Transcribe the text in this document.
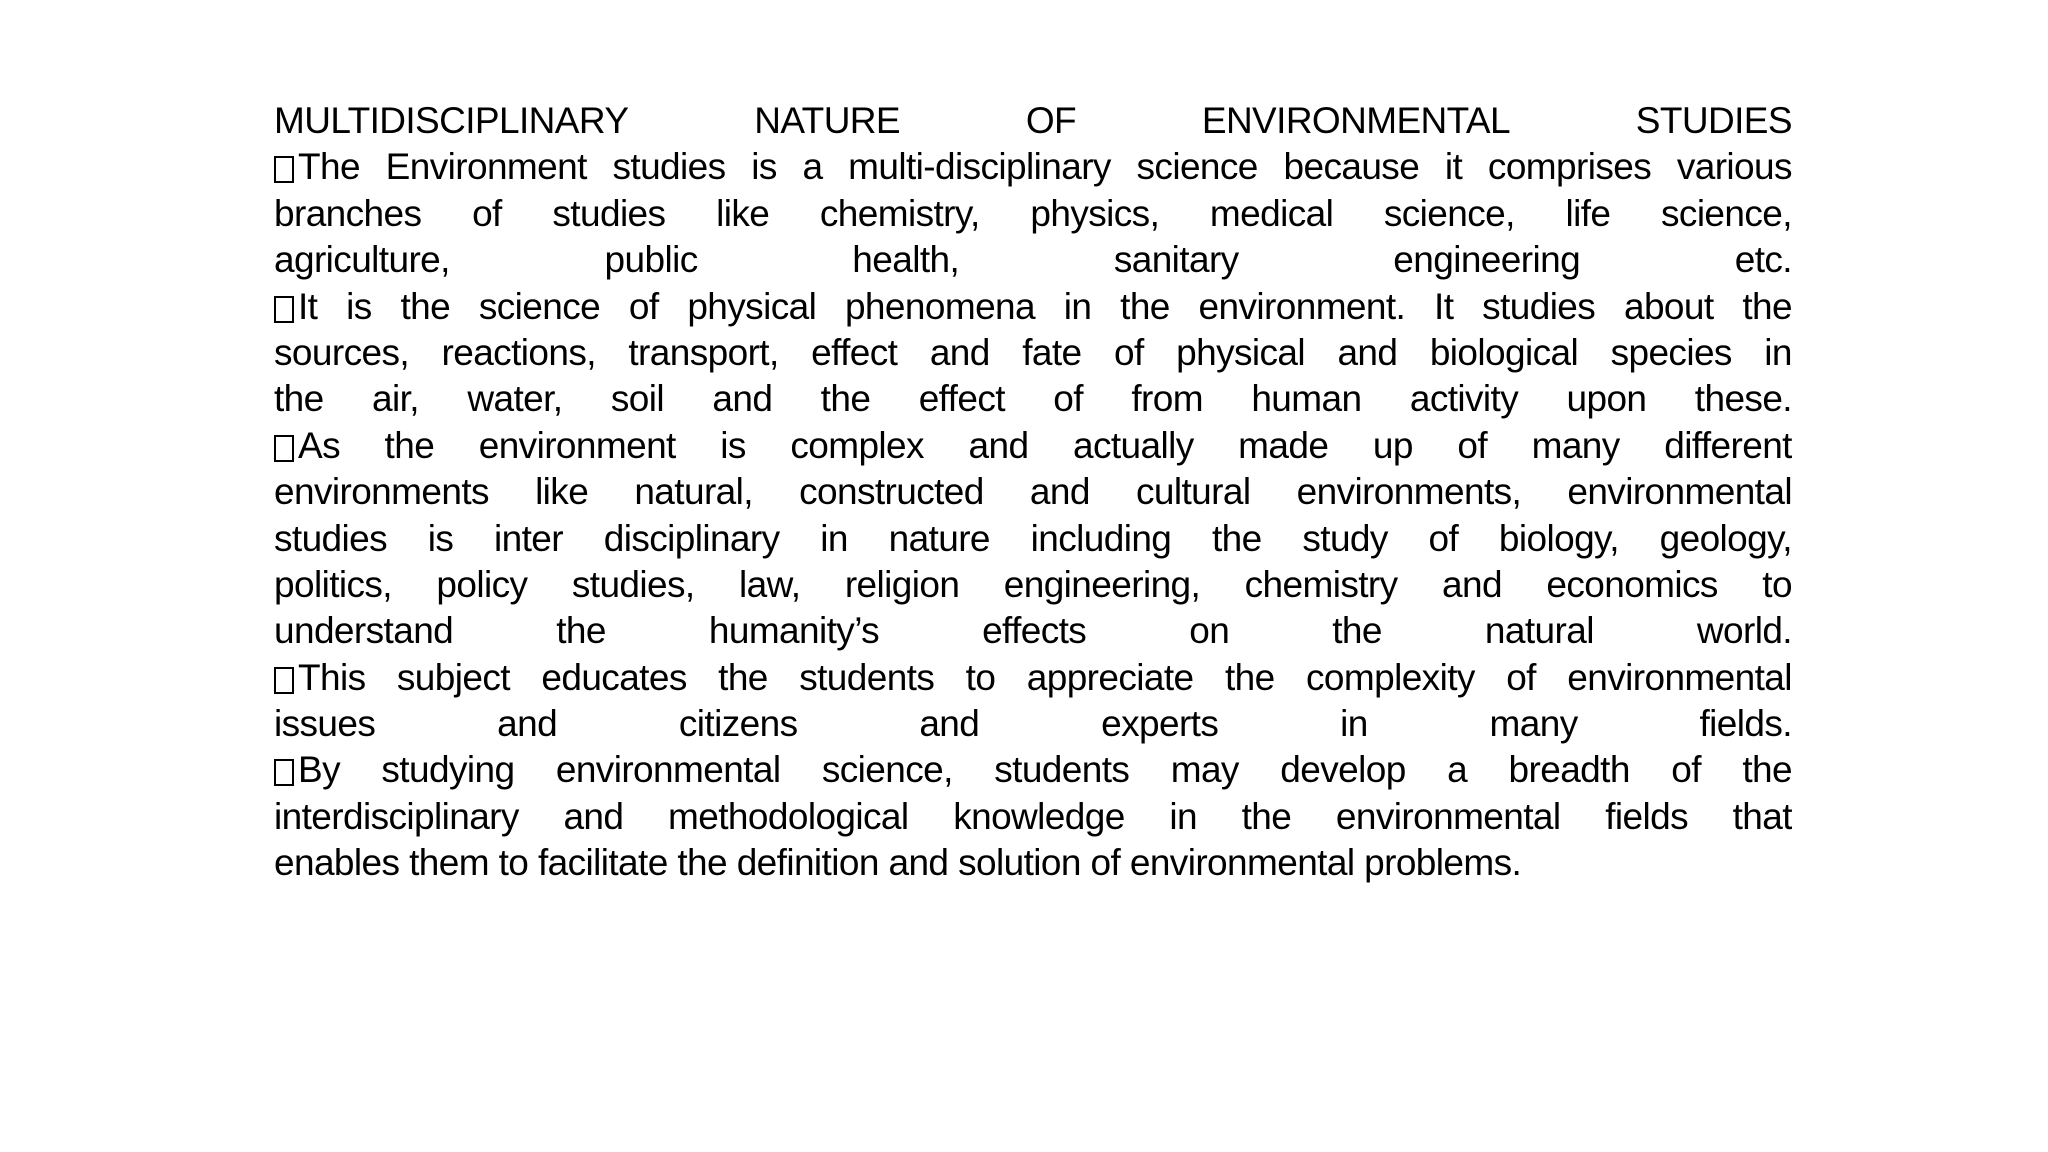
MULTIDISCIPLINARY	NATURE	OF	ENVIRONMENTAL	STUDIES
The Environment studies is a multi-disciplinary science because it comprises various
branches of studies like chemistry, physics, medical science, life science,
agriculture,	public	health,	sanitary	engineering	etc.
It is the science of physical phenomena in the environment. It studies about the
sources, reactions, transport, effect and fate of physical and biological species in
the air, water, soil and the effect of from human activity upon these.
As the environment is complex and actually made up of many different
environments like natural, constructed and cultural environments, environmental
studies is inter disciplinary in nature including the study of biology, geology,
politics, policy studies, law, religion engineering, chemistry and economics to
understand	the	humanity’s	effects	on	the	natural	world.
This subject educates the students to appreciate the complexity of environmental
issues	and	citizens	and	experts	in	many	fields.
By studying environmental science, students may develop a breadth of the
interdisciplinary and methodological knowledge in the environmental fields that
enables them to facilitate the definition and solution of environmental problems.
